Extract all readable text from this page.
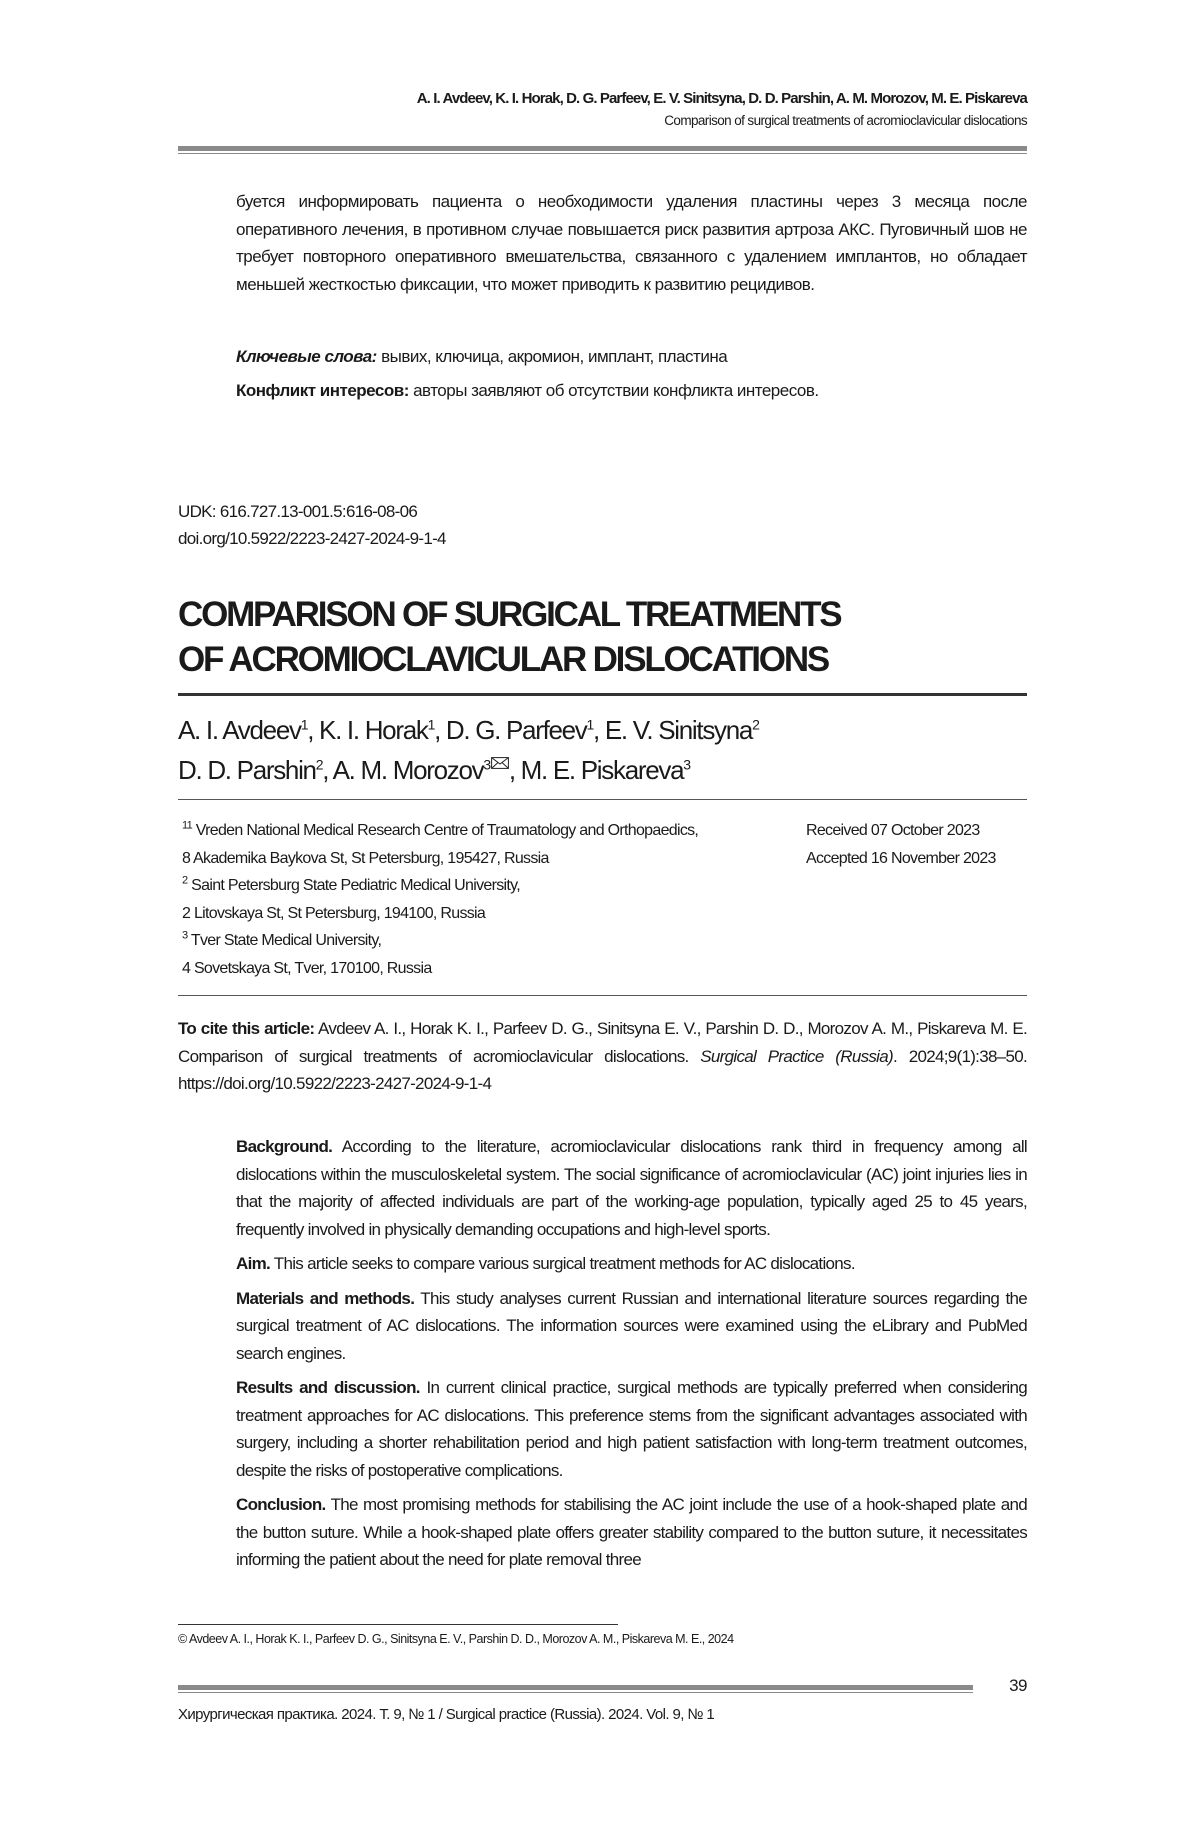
A. I. Avdeev, K. I. Horak, D. G. Parfeev, E. V. Sinitsyna, D. D. Parshin, A. M. Morozov, M. E. Piskareva
Comparison of surgical treatments of acromioclavicular dislocations
буется информировать пациента о необходимости удаления пластины через 3 месяца после оперативного лечения, в противном случае повышается риск развития артроза АКС. Пуговичный шов не требует повторного оперативного вмешательства, связанного с удалением имплантов, но обладает меньшей жесткостью фиксации, что может приводить к развитию рецидивов.
Ключевые слова: вывих, ключица, акромион, имплант, пластина
Конфликт интересов: авторы заявляют об отсутствии конфликта интересов.
UDK: 616.727.13-001.5:616-08-06
doi.org/10.5922/2223-2427-2024-9-1-4
COMPARISON OF SURGICAL TREATMENTS
OF ACROMIOCLAVICULAR DISLOCATIONS
A. I. Avdeev$^1$, K. I. Horak$^1$, D. G. Parfeev$^1$, E. V. Sinitsyna$^2$
D. D. Parshin$^2$, A. M. Morozov$^3$ , M. E. Piskareva$^3$
$^{11}$ Vreden National Medical Research Centre of Traumatology and Orthopaedics,
8 Akademika Baykova St, St Petersburg, 195427, Russia
$^2$ Saint Petersburg State Pediatric Medical University,
2 Litovskaya St, St Petersburg, 194100, Russia
$^3$ Tver State Medical University,
4 Sovetskaya St, Tver, 170100, Russia
Received 07 October 2023
Accepted 16 November 2023
To cite this article: Avdeev A. I., Horak K. I., Parfeev D. G., Sinitsyna E. V., Parshin D. D., Morozov A. M., Piskareva M. E. Comparison of surgical treatments of acromioclavicular dislocations. Surgical Practice (Russia). 2024;9(1):38–50. https://doi.org/10.5922/2223-2427-2024-9-1-4

Background. According to the literature, acromioclavicular dislocations rank third in frequency among all dislocations within the musculoskeletal system. The social significance of acromioclavicular (AC) joint injuries lies in that the majority of affected individuals are part of the working-age population, typically aged 25 to 45 years, frequently involved in physically demanding occupations and high-level sports.

Aim. This article seeks to compare various surgical treatment methods for AC dislocations.

Materials and methods. This study analyses current Russian and international literature sources regarding the surgical treatment of AC dislocations. The information sources were examined using the eLibrary and PubMed search engines.

Results and discussion. In current clinical practice, surgical methods are typically preferred when considering treatment approaches for AC dislocations. This preference stems from the significant advantages associated with surgery, including a shorter rehabilitation period and high patient satisfaction with long-term treatment outcomes, despite the risks of postoperative complications.

Conclusion. The most promising methods for stabilising the AC joint include the use of a hook-shaped plate and the button suture. While a hook-shaped plate offers greater stability compared to the button suture, it necessitates informing the patient about the need for plate removal three

© Avdeev A. I., Horak K. I., Parfeev D. G., Sinitsyna E. V., Parshin D. D., Morozov A. M., Piskareva M. E., 2024
39
Хирургическая практика. 2024. Т. 9, № 1 / Surgical practice (Russia). 2024. Vol. 9, № 1
